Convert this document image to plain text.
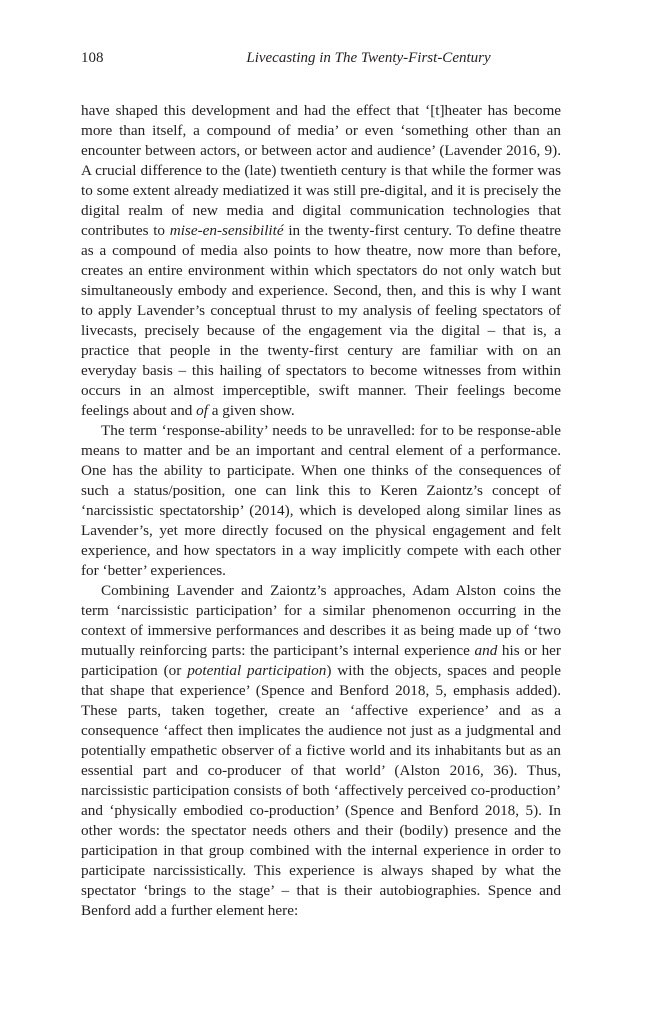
108	Livecasting in The Twenty-First-Century

have shaped this development and had the effect that ‘[t]heater has become more than itself, a compound of media’ or even ‘something other than an encounter between actors, or between actor and audience’ (Lavender 2016, 9). A crucial difference to the (late) twentieth century is that while the former was to some extent already mediatized it was still pre-digital, and it is precisely the digital realm of new media and digital communication technologies that contributes to mise-en-sensibilité in the twenty-first century. To define theatre as a compound of media also points to how theatre, now more than before, creates an entire environment within which spectators do not only watch but simultaneously embody and experience. Second, then, and this is why I want to apply Lavender’s conceptual thrust to my analysis of feeling spectators of livecasts, precisely because of the engagement via the digital – that is, a practice that people in the twenty-first century are familiar with on an everyday basis – this hailing of spectators to become witnesses from within occurs in an almost imperceptible, swift manner. Their feelings become feelings about and of a given show.

The term ‘response-ability’ needs to be unravelled: for to be response-able means to matter and be an important and central element of a performance. One has the ability to participate. When one thinks of the consequences of such a status/position, one can link this to Keren Zaiontz’s concept of ‘narcissistic spectatorship’ (2014), which is developed along similar lines as Lavender’s, yet more directly focused on the physical engagement and felt experience, and how spectators in a way implicitly compete with each other for ‘better’ experiences.

Combining Lavender and Zaiontz’s approaches, Adam Alston coins the term ‘narcissistic participation’ for a similar phenomenon occurring in the context of immersive performances and describes it as being made up of ‘two mutually reinforcing parts: the participant’s internal experience and his or her participation (or potential participation) with the objects, spaces and people that shape that experience’ (Spence and Benford 2018, 5, emphasis added). These parts, taken together, create an ‘affective experience’ and as a consequence ‘affect then implicates the audience not just as a judgmental and potentially empathetic observer of a fictive world and its inhabitants but as an essential part and co-producer of that world’ (Alston 2016, 36). Thus, narcissistic participation consists of both ‘affectively perceived co-production’ and ‘physically embodied co-production’ (Spence and Benford 2018, 5). In other words: the spectator needs others and their (bodily) presence and the participation in that group combined with the internal experience in order to participate narcissistically. This experience is always shaped by what the spectator ‘brings to the stage’ – that is their autobiographies. Spence and Benford add a further element here:
